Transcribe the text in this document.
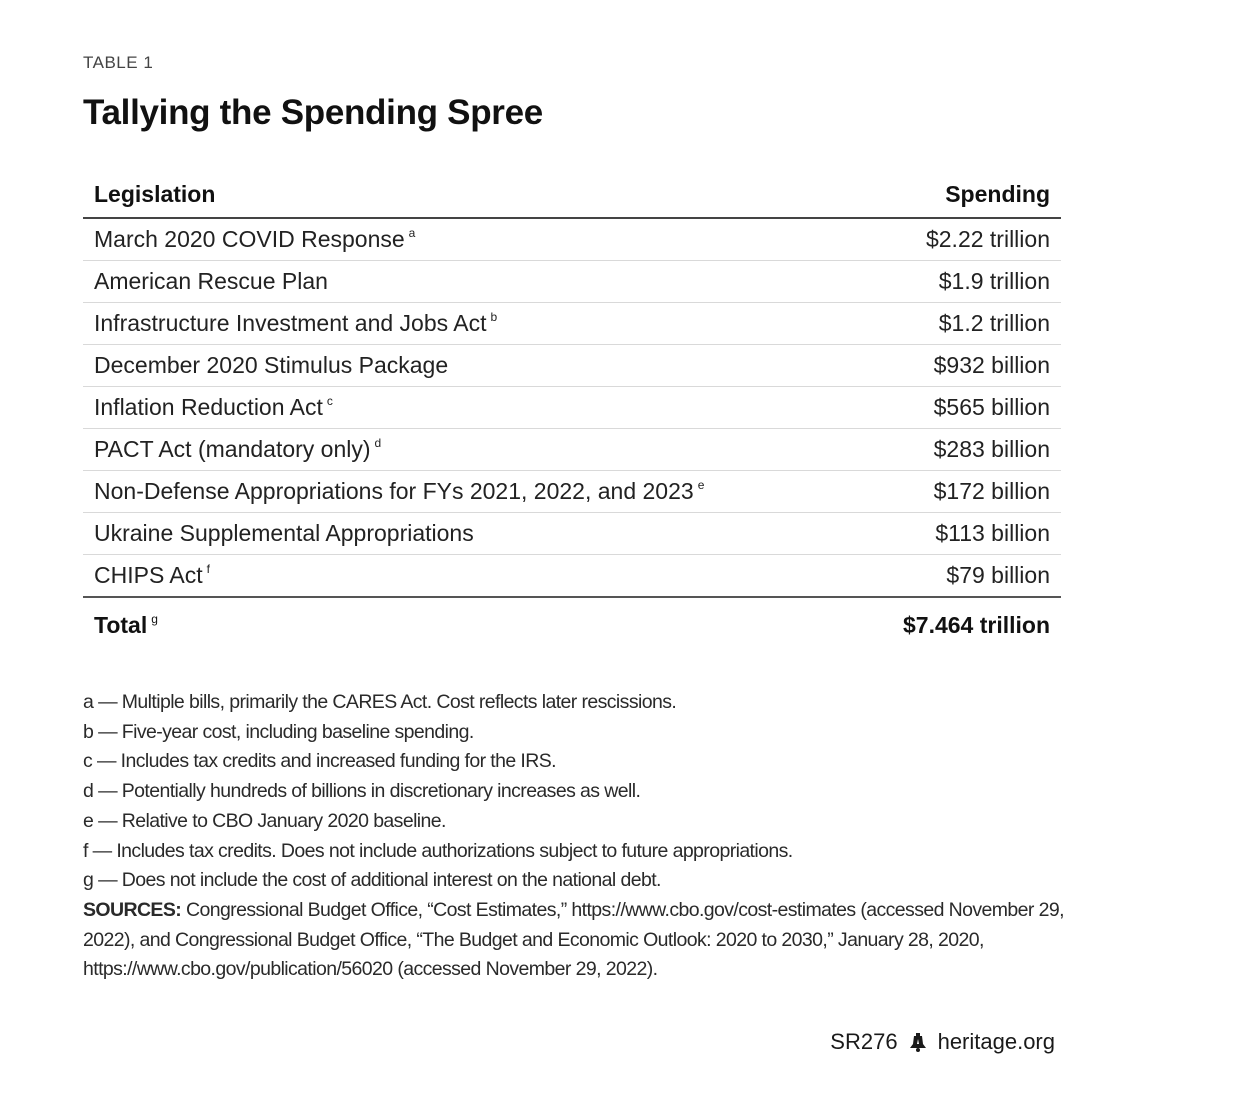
TABLE 1
Tallying the Spending Spree
Legislation	Spending
March 2020 COVID Response $^a$	$2.22 trillion
American Rescue Plan	$1.9 trillion
Infrastructure Investment and Jobs Act $^b$	$1.2 trillion
December 2020 Stimulus Package	$932 billion
Inflation Reduction Act $^c$	$565 billion
PACT Act (mandatory only) $^d$	$283 billion
Non-Defense Appropriations for FYs 2021, 2022, and 2023 $^e$	$172 billion
Ukraine Supplemental Appropriations	$113 billion
CHIPS Act $^f$	$79 billion
Total $^g$	$7.464 trillion

a — Multiple bills, primarily the CARES Act. Cost reflects later rescissions.

b — Five-year cost, including baseline spending.

c — Includes tax credits and increased funding for the IRS.

d — Potentially hundreds of billions in discretionary increases as well.

e — Relative to CBO January 2020 baseline.

f — Includes tax credits. Does not include authorizations subject to future appropriations.

g — Does not include the cost of additional interest on the national debt.

SOURCES: Congressional Budget Office, “Cost Estimates,” https://www.cbo.gov/cost-estimates (accessed November 29, 2022), and Congressional Budget Office, “The Budget and Economic Outlook: 2020 to 2030,” January 28, 2020, https://www.cbo.gov/publication/56020 (accessed November 29, 2022).

SR276 heritage.org
